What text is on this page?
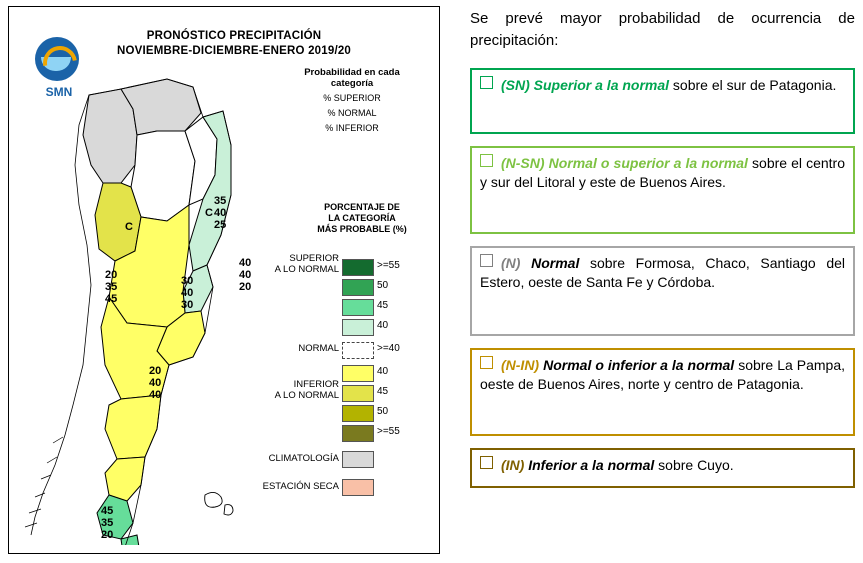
SMN
PRONÓSTICO PRECIPITACIÓN
NOVIEMBRE-DICIEMBRE-ENERO 2019/20
Probabilidad en cada
categoría
% SUPERIOR
% NORMAL
% INFERIOR
PORCENTAJE DE
LA CATEGORÍA
MÁS PROBABLE (%)
C
C
35
40
25
30
40
30
40
40
20
20
35
45
20
40
40
45
35
20
SUPERIOR
A LO NORMAL	>=55
50
45
40
NORMAL	>=40
40
INFERIOR
A LO NORMAL	45
50
>=55
CLIMATOLOGÍA
ESTACIÓN SECA
Se prevé mayor probabilidad de ocurrencia de precipitación:
(SN) Superior a la normal sobre el sur de Patagonia.
(N-SN) Normal o superior a la normal sobre el centro y sur del Litoral y este de Buenos Aires.
(N) Normal sobre Formosa, Chaco, Santiago del Estero, oeste de Santa Fe y Córdoba.
(N-IN) Normal o inferior a la normal sobre La Pampa, oeste de Buenos Aires, norte y centro de Patagonia.
(IN) Inferior a la normal sobre Cuyo.
